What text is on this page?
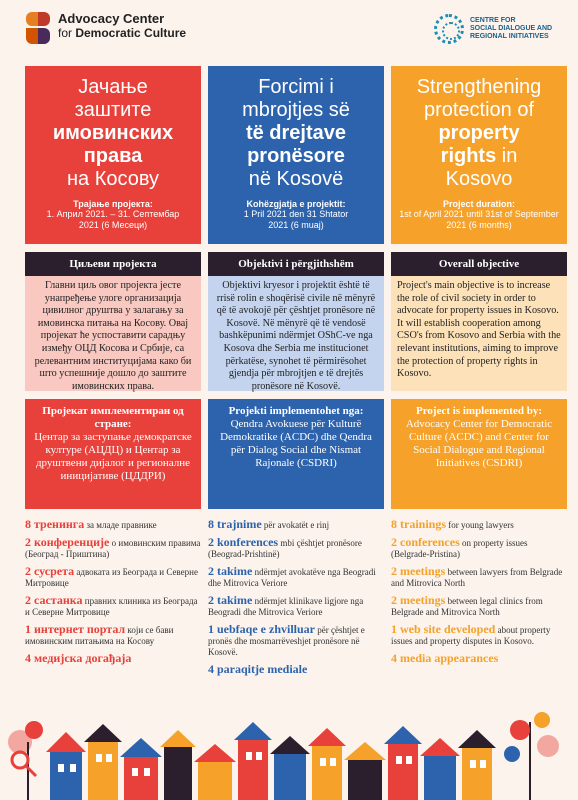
Advocacy Center
for Democratic Culture
CENTRE FOR
SOCIAL DIALOGUE AND
REGIONAL INITIATIVES
Јачање
заштите
имовинских
права
на Косову
Трајање пројекта:
1. Април 2021. – 31. Септембар
2021 (6 Месеци)
Циљеви пројекта
Главни циљ овог пројекта јесте унапређење улоге организација цивилног друштва у залагању за имовинска питања на Косову. Овај пројекат ће успоставити сарадњу између ОЦД Косова и Србије, са релевантним институцијама како би што успешније дошло до заштите имовинских права.
Пројекат имплементиран од стране:
Центар за заступање демократске културе (АЦДЦ) и Центар за друштвени дијалог и регионалне иницијативе (ЦДДРИ)
8 тренинга за младе правнике
2 конференције о имовинским правима (Београд - Приштина)
2 сусрета адвоката из Београда и Северне Митровице
2 састанка правних клиника из Београда и Северне Митровице
1 интернет портал који се бави имовинским питањима на Косову
4 медијска догађаја
Forcimi i
mbrojtjes së
të drejtave
pronësore
në Kosovë
Kohëzgjatja e projektit:
1 Pril 2021 den 31 Shtator
2021 (6 muaj)
Objektivi i përgjithshëm
Objektivi kryesor i projektit është të rrisë rolin e shoqërisë civile në mënyrë që të avokojë për çështjet pronësore në Kosovë. Në mënyrë që të vendosë bashkëpunimi ndërmjet OShC-ve nga Kosova dhe Serbia me institucionet përkatëse, synohet të përmirësohet gjendja për mbrojtjen e të drejtës pronësore në Kosovë.
Projekti implementohet nga:
Qendra Avokuese për Kulturë Demokratike (ACDC) dhe Qendra për Dialog Social dhe Nismat Rajonale (CSDRI)
8 trajnime për avokatët e rinj
2 konferences mbi çështjet pronësore (Beograd-Prishtinë)
2 takime ndërmjet avokatëve nga Beogradi dhe Mitrovica Veriore
2 takime ndërmjet klinikave ligjore nga Beogradi dhe Mitrovica Veriore
1 uebfaqe e zhvilluar për çështjet e pronës dhe mosmarrëveshjet pronësore në Kosovë.
4 paraqitje mediale
Strengthening
protection of
property
rights in
Kosovo
Project duration:
1st of April 2021 until 31st of September
2021 (6 months)
Overall objective
Project's main objective is to increase the role of civil society in order to advocate for property issues in Kosovo. It will establish cooperation among CSO's from Kosovo and Serbia with the relevant institutions, aiming to improve the protection of property rights in Kosovo.
Project is implemented by:
Advocacy Center for Democratic Culture (ACDC) and Center for Social Dialogue and Regional Initiatives (CSDRI)
8 trainings for young lawyers
2 conferences on property issues (Belgrade-Pristina)
2 meetings between lawyers from Belgrade and Mitrovica North
2 meetings between legal clinics from Belgrade and Mitrovica North
1 web site developed about property issues and property disputes in Kosovo.
4 media appearances
